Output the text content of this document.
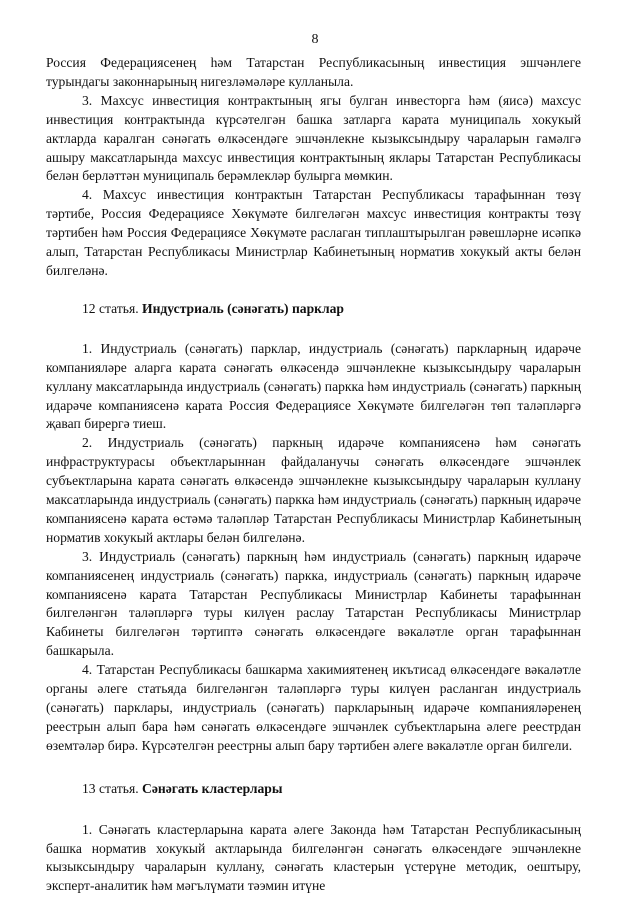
8

Россия Федерациясенең һәм Татарстан Республикасының инвестиция эшчәнлеге турындагы законнарының нигезләмәләре кулланыла.

3. Махсус инвестиция контрактының ягы булган инвесторга һәм (яисә) махсус инвестиция контрактында күрсәтелгән башка затларга карата муниципаль хокукый актларда каралган сәнәгать өлкәсендәге эшчәнлекне кызыксындыру чараларын гамәлгә ашыру максатларында махсус инвестиция контрактының яклары Татарстан Республикасы белән берләттән муниципаль берәмлекләр булырга мөмкин.

4. Махсус инвестиция контрактын Татарстан Республикасы тарафыннан төзү тәртибе, Россия Федерациясе Хөкүмәте билгеләгән махсус инвестиция контракты төзү тәртибен һәм Россия Федерациясе Хөкүмәте раслаган типлаштырылган рәвешләрне исәпкә алып, Татарстан Республикасы Министрлар Кабинетының норматив хокукый акты белән билгеләнә.

12 статья. Индустриаль (сәнәгать) парклар

1. Индустриаль (сәнәгать) парклар, индустриаль (сәнәгать) паркларның идарәче компанияләре аларга карата сәнәгать өлкәсендә эшчәнлекне кызыксындыру чараларын куллану максатларында индустриаль (сәнәгать) паркка һәм индустриаль (сәнәгать) паркның идарәче компаниясенә карата Россия Федерациясе Хөкүмәте билгеләгән төп таләпләргә җавап бирергә тиеш.

2. Индустриаль (сәнәгать) паркның идарәче компаниясенә һәм сәнәгать инфраструктурасы объектларыннан файдаланучы сәнәгать өлкәсендәге эшчәнлек субъектларына карата сәнәгать өлкәсендә эшчәнлекне кызыксындыру чараларын куллану максатларында индустриаль (сәнәгать) паркка һәм индустриаль (сәнәгать) паркның идарәче компаниясенә карата өстәмә таләпләр Татарстан Республикасы Министрлар Кабинетының норматив хокукый актлары белән билгеләнә.

3. Индустриаль (сәнәгать) паркның һәм индустриаль (сәнәгать) паркның идарәче компаниясенең индустриаль (сәнәгать) паркка, индустриаль (сәнәгать) паркның идарәче компаниясенә карата Татарстан Республикасы Министрлар Кабинеты тарафыннан билгеләнгән таләпләргә туры килүен раслау Татарстан Республикасы Министрлар Кабинеты билгеләгән тәртиптә сәнәгать өлкәсендәге вәкаләтле орган тарафыннан башкарыла.

4. Татарстан Республикасы башкарма хакимиятенең икътисад өлкәсендәге вәкаләтле органы әлеге статьяда билгеләнгән таләпләргә туры килүен расланган индустриаль (сәнәгать) парклары, индустриаль (сәнәгать) паркларының идарәче компанияләренең реестрын алып бара һәм сәнәгать өлкәсендәге эшчәнлек субъектларына әлеге реестрдан өземтәләр бирә. Күрсәтелгән реестрны алып бару тәртибен әлеге вәкаләтле орган билгели.

13 статья. Сәнәгать кластерлары

1. Сәнәгать кластерларына карата әлеге Законда һәм Татарстан Республикасының башка норматив хокукый актларында билгеләнгән сәнәгать өлкәсендәге эшчәнлекне кызыксындыру чараларын куллану, сәнәгать кластерын үстерүне методик, оештыру, эксперт-аналитик һәм мәгълүмати тәэмин итүне
